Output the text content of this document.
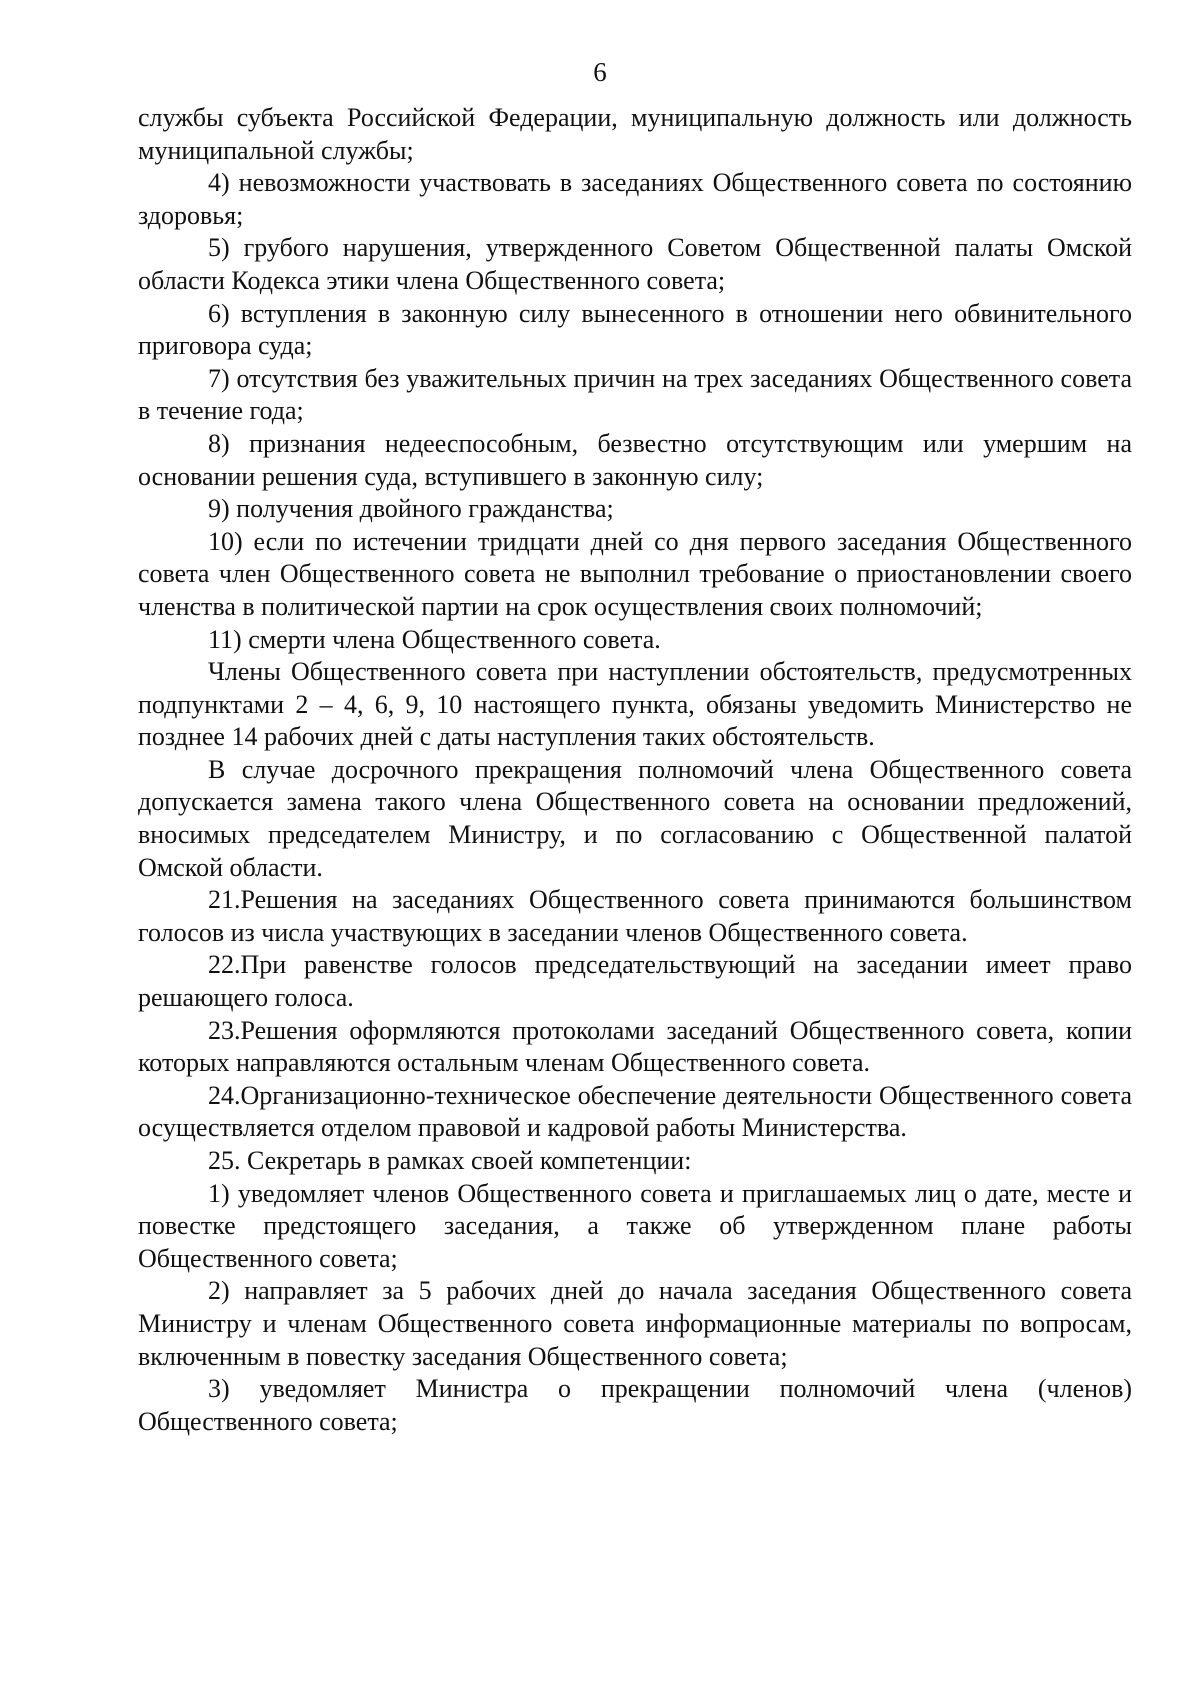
6

службы субъекта Российской Федерации, муниципальную должность или должность муниципальной службы;

4) невозможности участвовать в заседаниях Общественного совета по состоянию здоровья;

5) грубого нарушения, утвержденного Советом Общественной палаты Омской области Кодекса этики члена Общественного совета;

6) вступления в законную силу вынесенного в отношении него обвинительного приговора суда;

7) отсутствия без уважительных причин на трех заседаниях Общественного совета в течение года;

8) признания недееспособным, безвестно отсутствующим или умершим на основании решения суда, вступившего в законную силу;

9) получения двойного гражданства;

10) если по истечении тридцати дней со дня первого заседания Общественного совета член Общественного совета не выполнил требование о приостановлении своего членства в политической партии на срок осуществления своих полномочий;

11) смерти члена Общественного совета.

Члены Общественного совета при наступлении обстоятельств, предусмотренных подпунктами 2 – 4, 6, 9, 10 настоящего пункта, обязаны уведомить Министерство не позднее 14 рабочих дней с даты наступления таких обстоятельств.

В случае досрочного прекращения полномочий члена Общественного совета допускается замена такого члена Общественного совета на основании предложений, вносимых председателем Министру, и по согласованию с Общественной палатой Омской области.

21.Решения на заседаниях Общественного совета принимаются большинством голосов из числа участвующих в заседании членов Общественного совета.

22.При равенстве голосов председательствующий на заседании имеет право решающего голоса.

23.Решения оформляются протоколами заседаний Общественного совета, копии которых направляются остальным членам Общественного совета.

24.Организационно-техническое обеспечение деятельности Общественного совета осуществляется отделом правовой и кадровой работы Министерства.

25. Секретарь в рамках своей компетенции:

1) уведомляет членов Общественного совета и приглашаемых лиц о дате, месте и повестке предстоящего заседания, а также об утвержденном плане работы Общественного совета;

2) направляет за 5 рабочих дней до начала заседания Общественного совета Министру и членам Общественного совета информационные материалы по вопросам, включенным в повестку заседания Общественного совета;

3) уведомляет Министра о прекращении полномочий члена (членов) Общественного совета;
